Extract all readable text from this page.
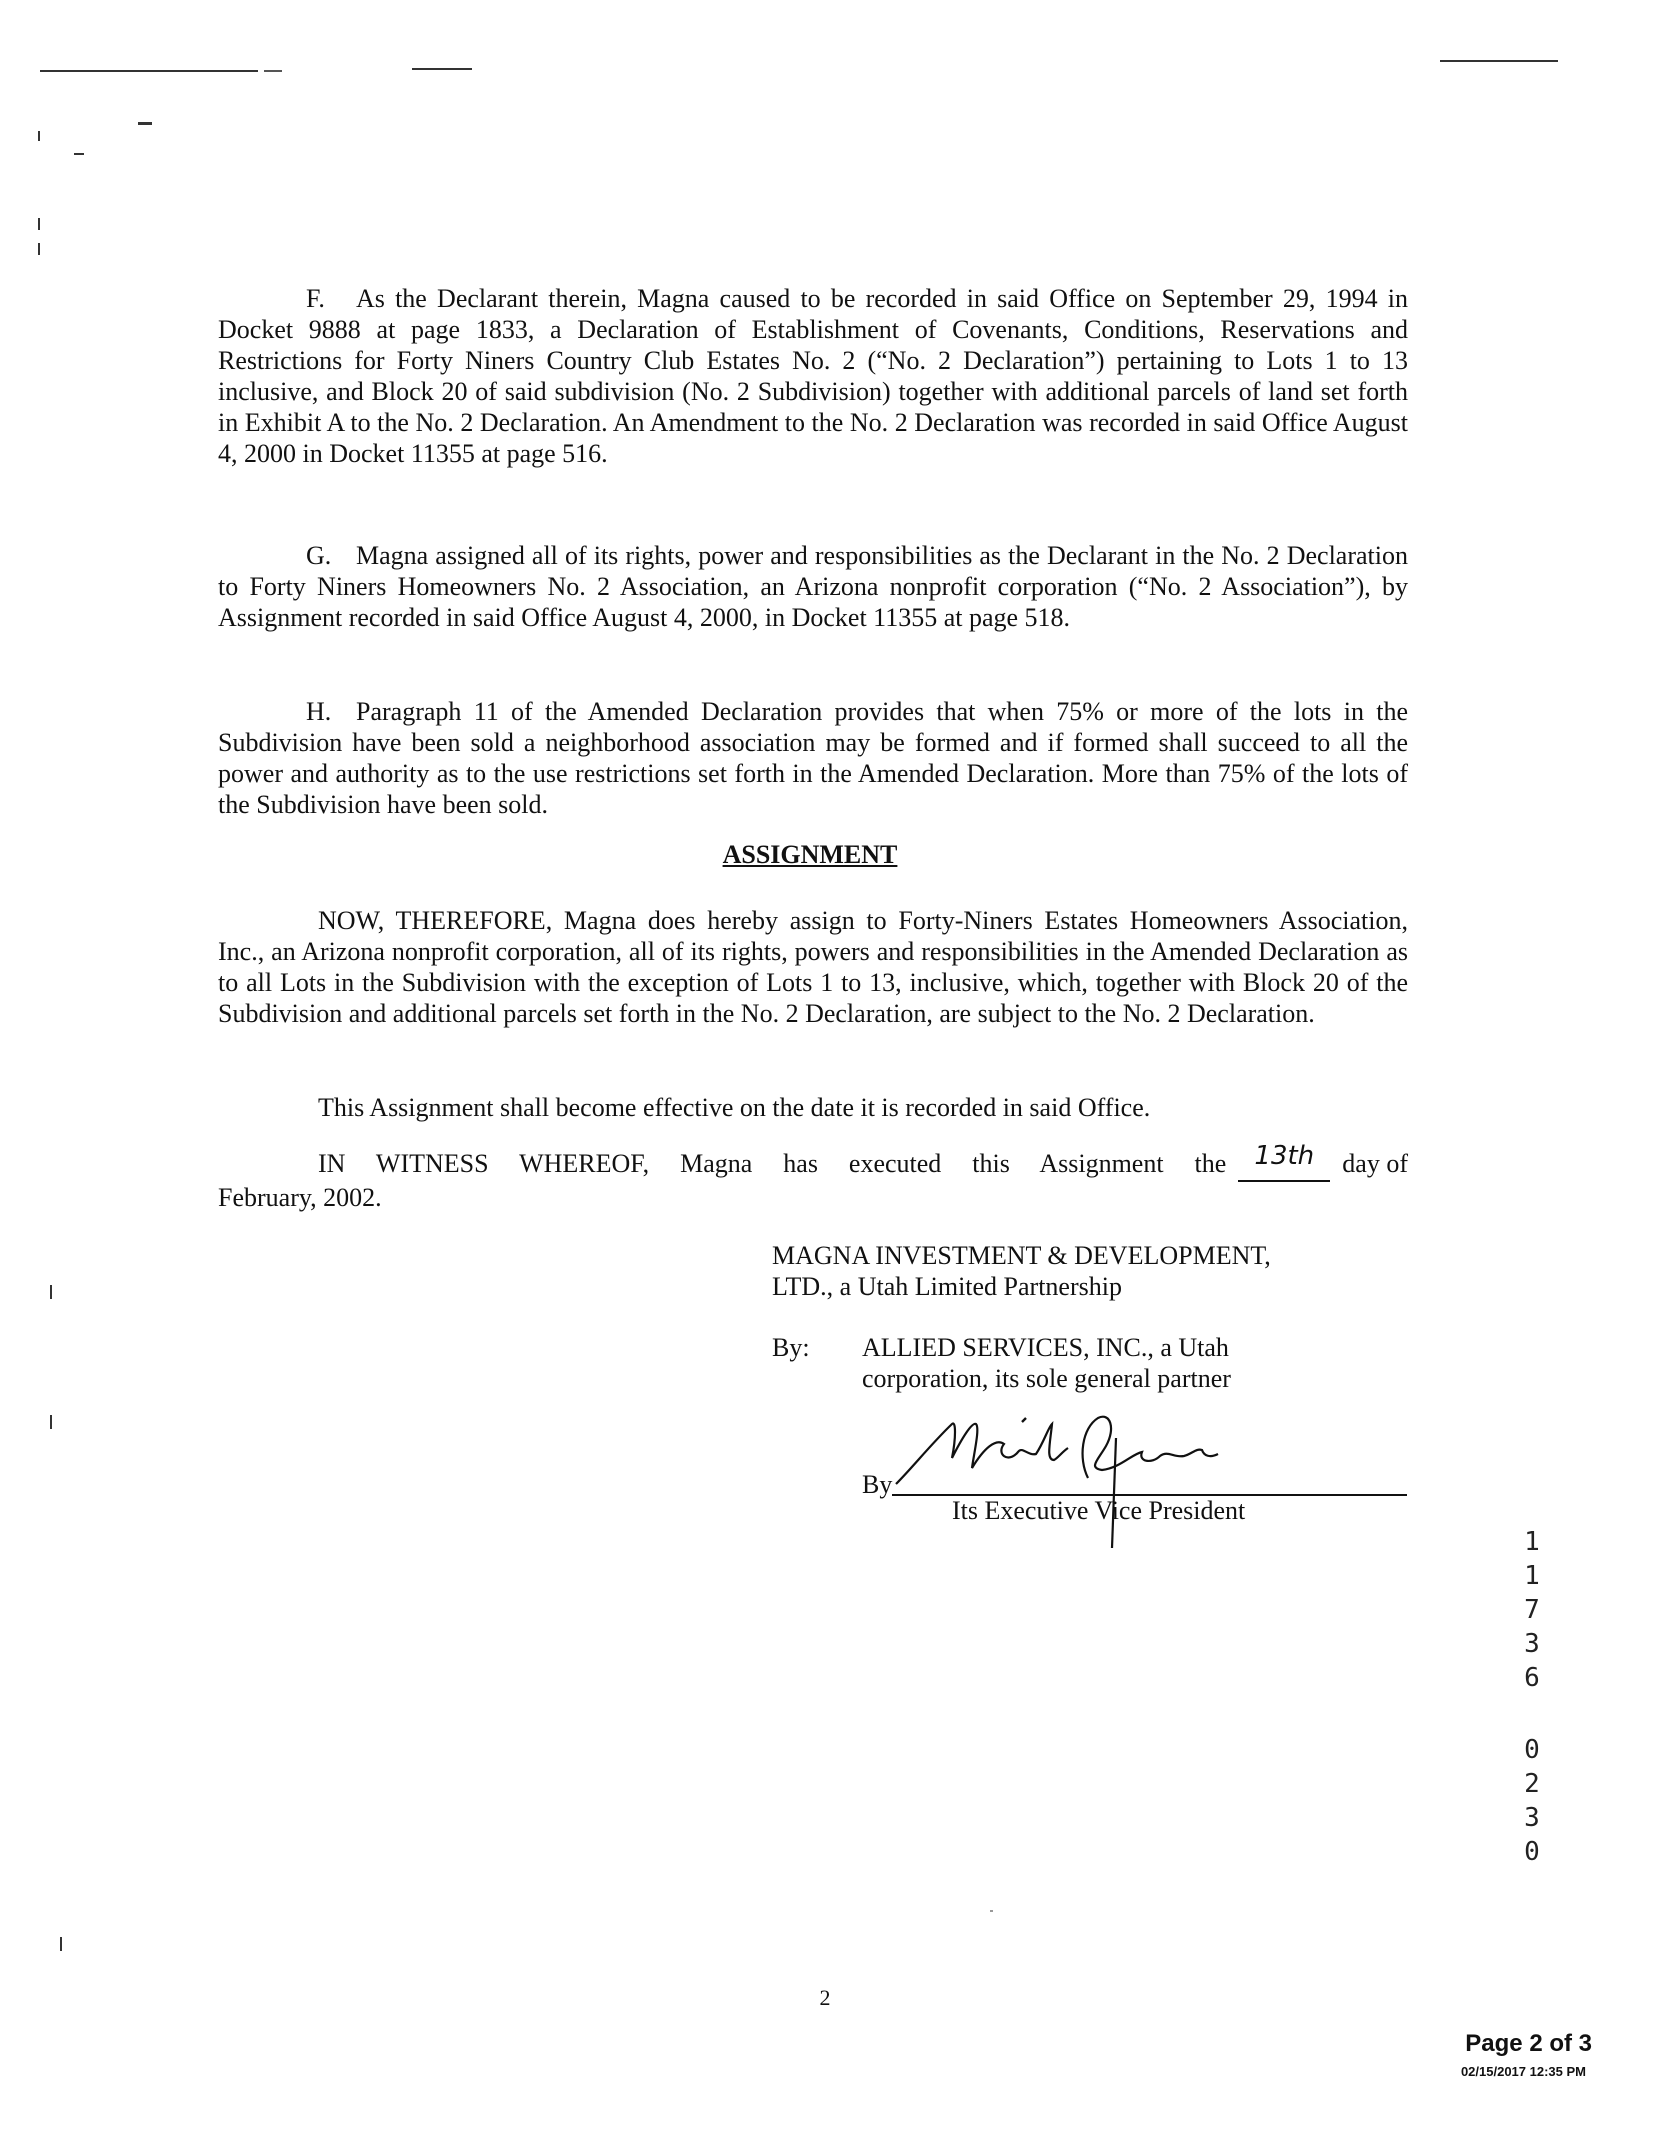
F. As the Declarant therein, Magna caused to be recorded in said Office on September 29, 1994 in Docket 9888 at page 1833, a Declaration of Establishment of Covenants, Conditions, Reservations and Restrictions for Forty Niners Country Club Estates No. 2 (“No. 2 Declaration”) pertaining to Lots 1 to 13 inclusive, and Block 20 of said subdivision (No. 2 Subdivision) together with additional parcels of land set forth in Exhibit A to the No. 2 Declaration. An Amendment to the No. 2 Declaration was recorded in said Office August 4, 2000 in Docket 11355 at page 516.
G. Magna assigned all of its rights, power and responsibilities as the Declarant in the No. 2 Declaration to Forty Niners Homeowners No. 2 Association, an Arizona nonprofit corporation (“No. 2 Association”), by Assignment recorded in said Office August 4, 2000, in Docket 11355 at page 518.
H. Paragraph 11 of the Amended Declaration provides that when 75% or more of the lots in the Subdivision have been sold a neighborhood association may be formed and if formed shall succeed to all the power and authority as to the use restrictions set forth in the Amended Declaration. More than 75% of the lots of the Subdivision have been sold.
ASSIGNMENT
NOW, THEREFORE, Magna does hereby assign to Forty-Niners Estates Homeowners Association, Inc., an Arizona nonprofit corporation, all of its rights, powers and responsibilities in the Amended Declaration as to all Lots in the Subdivision with the exception of Lots 1 to 13, inclusive, which, together with Block 20 of the Subdivision and additional parcels set forth in the No. 2 Declaration, are subject to the No. 2 Declaration.
This Assignment shall become effective on the date it is recorded in said Office.
IN WITNESS WHEREOF, Magna has executed this Assignment the	13th	day of
February, 2002.
MAGNA INVESTMENT & DEVELOPMENT,
LTD., a Utah Limited Partnership
By:	ALLIED SERVICES, INC., a Utah
corporation, its sole general partner
By
Its Executive Vice President
1
1
7
3
6
0
2
3
0
2
Page 2 of 3
02/15/2017 12:35 PM
